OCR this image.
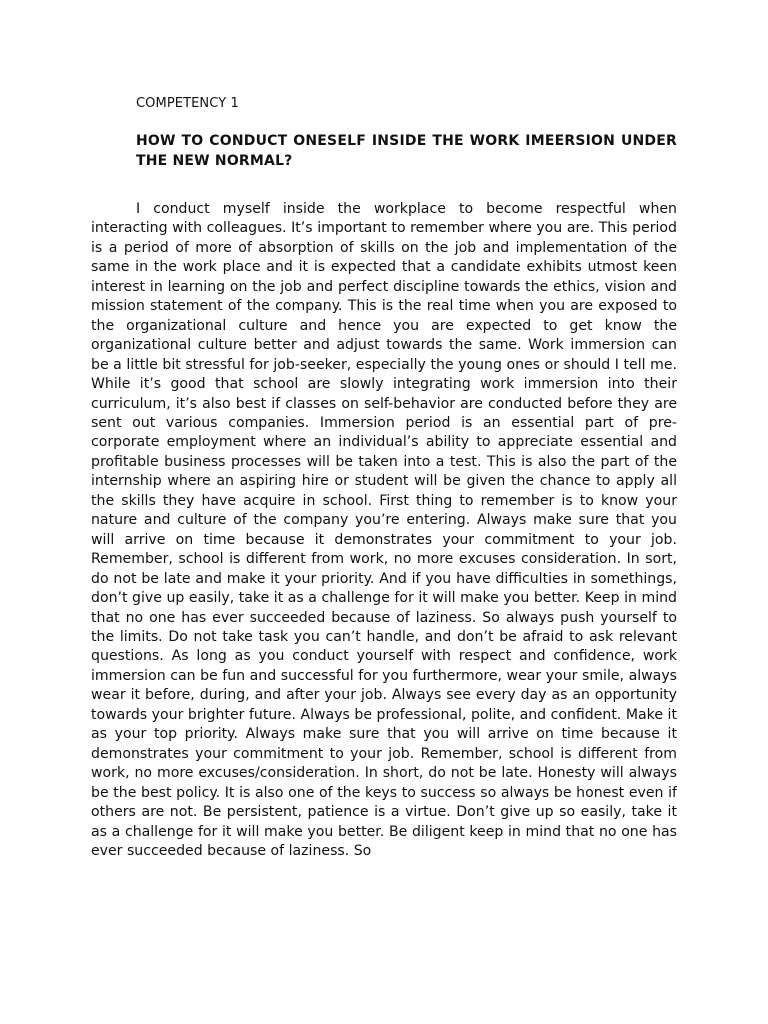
COMPETENCY 1
HOW TO CONDUCT ONESELF INSIDE THE WORK IMEERSION UNDER THE NEW NORMAL?

I conduct myself inside the workplace to become respectful when interacting with colleagues. It’s important to remember where you are. This period is a period of more of absorption of skills on the job and implementation of the same in the work place and it is expected that a candidate exhibits utmost keen interest in learning on the job and perfect discipline towards the ethics, vision and mission statement of the company. This is the real time when you are exposed to the organizational culture and hence you are expected to get know the organizational culture better and adjust towards the same. Work immersion can be a little bit stressful for job-seeker, especially the young ones or should I tell me. While it’s good that school are slowly integrating work immersion into their curriculum, it’s also best if classes on self-behavior are conducted before they are sent out various companies. Immersion period is an essential part of pre-corporate employment where an individual’s ability to appreciate essential and profitable business processes will be taken into a test. This is also the part of the internship where an aspiring hire or student will be given the chance to apply all the skills they have acquire in school. First thing to remember is to know your nature and culture of the company you’re entering. Always make sure that you will arrive on time because it demonstrates your commitment to your job. Remember, school is different from work, no more excuses consideration. In sort, do not be late and make it your priority. And if you have difficulties in somethings, don’t give up easily, take it as a challenge for it will make you better. Keep in mind that no one has ever succeeded because of laziness. So always push yourself to the limits. Do not take task you can’t handle, and don’t be afraid to ask relevant questions. As long as you conduct yourself with respect and confidence, work immersion can be fun and successful for you furthermore, wear your smile, always wear it before, during, and after your job. Always see every day as an opportunity towards your brighter future. Always be professional, polite, and confident. Make it as your top priority. Always make sure that you will arrive on time because it demonstrates your commitment to your job. Remember, school is different from work, no more excuses/consideration. In short, do not be late. Honesty will always be the best policy. It is also one of the keys to success so always be honest even if others are not. Be persistent, patience is a virtue. Don’t give up so easily, take it as a challenge for it will make you better. Be diligent keep in mind that no one has ever succeeded because of laziness. So
